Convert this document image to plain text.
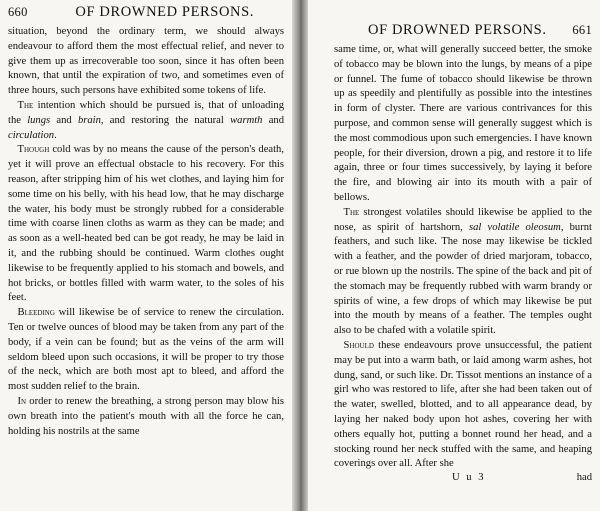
660	OF DROWNED PERSONS.

situation, beyond the ordinary term, we should always endeavour to afford them the most effectual relief, and never to give them up as irrecoverable too soon, since it has often been known, that until the expiration of two, and sometimes even of three hours, such persons have exhibited some tokens of life.

The intention which should be pursued is, that of unloading the lungs and brain, and restoring the natural warmth and circulation.

Though cold was by no means the cause of the person's death, yet it will prove an effectual obstacle to his recovery. For this reason, after stripping him of his wet clothes, and laying him for some time on his belly, with his head low, that he may discharge the water, his body must be strongly rubbed for a considerable time with coarse linen cloths as warm as they can be made; and as soon as a well-heated bed can be got ready, he may be laid in it, and the rubbing should be continued. Warm clothes ought likewise to be frequently applied to his stomach and bowels, and hot bricks, or bottles filled with warm water, to the soles of his feet.

Bleeding will likewise be of service to renew the circulation. Ten or twelve ounces of blood may be taken from any part of the body, if a vein can be found; but as the veins of the arm will seldom bleed upon such occasions, it will be proper to try those of the neck, which are both most apt to bleed, and afford the most sudden relief to the brain.

In order to renew the breathing, a strong person may blow his own breath into the patient's mouth with all the force he can, holding his nostrils at the same

OF DROWNED PERSONS. 661

same time, or, what will generally succeed better, the smoke of tobacco may be blown into the lungs, by means of a pipe or funnel. The fume of tobacco should likewise be thrown up as speedily and plentifully as possible into the intestines in form of clyster. There are various contrivances for this purpose, and common sense will generally suggest which is the most commodious upon such emergencies. I have known people, for their diversion, drown a pig, and restore it to life again, three or four times successively, by laying it before the fire, and blowing air into its mouth with a pair of bellows.

The strongest volatiles should likewise be applied to the nose, as spirit of hartshorn, sal volatile oleosum, burnt feathers, and such like. The nose may likewise be tickled with a feather, and the powder of dried marjoram, tobacco, or rue blown up the nostrils. The spine of the back and pit of the stomach may be frequently rubbed with warm brandy or spirits of wine, a few drops of which may likewise be put into the mouth by means of a feather. The temples ought also to be chafed with a volatile spirit.

Should these endeavours prove unsuccessful, the patient may be put into a warm bath, or laid among warm ashes, hot dung, sand, or such like. Dr. Tissot mentions an instance of a girl who was restored to life, after she had been taken out of the water, swelled, blotted, and to all appearance dead, by laying her naked body upon hot ashes, covering her with others equally hot, putting a bonnet round her head, and a stocking round her neck stuffed with the same, and heaping coverings over all. After she

U u 3	had
